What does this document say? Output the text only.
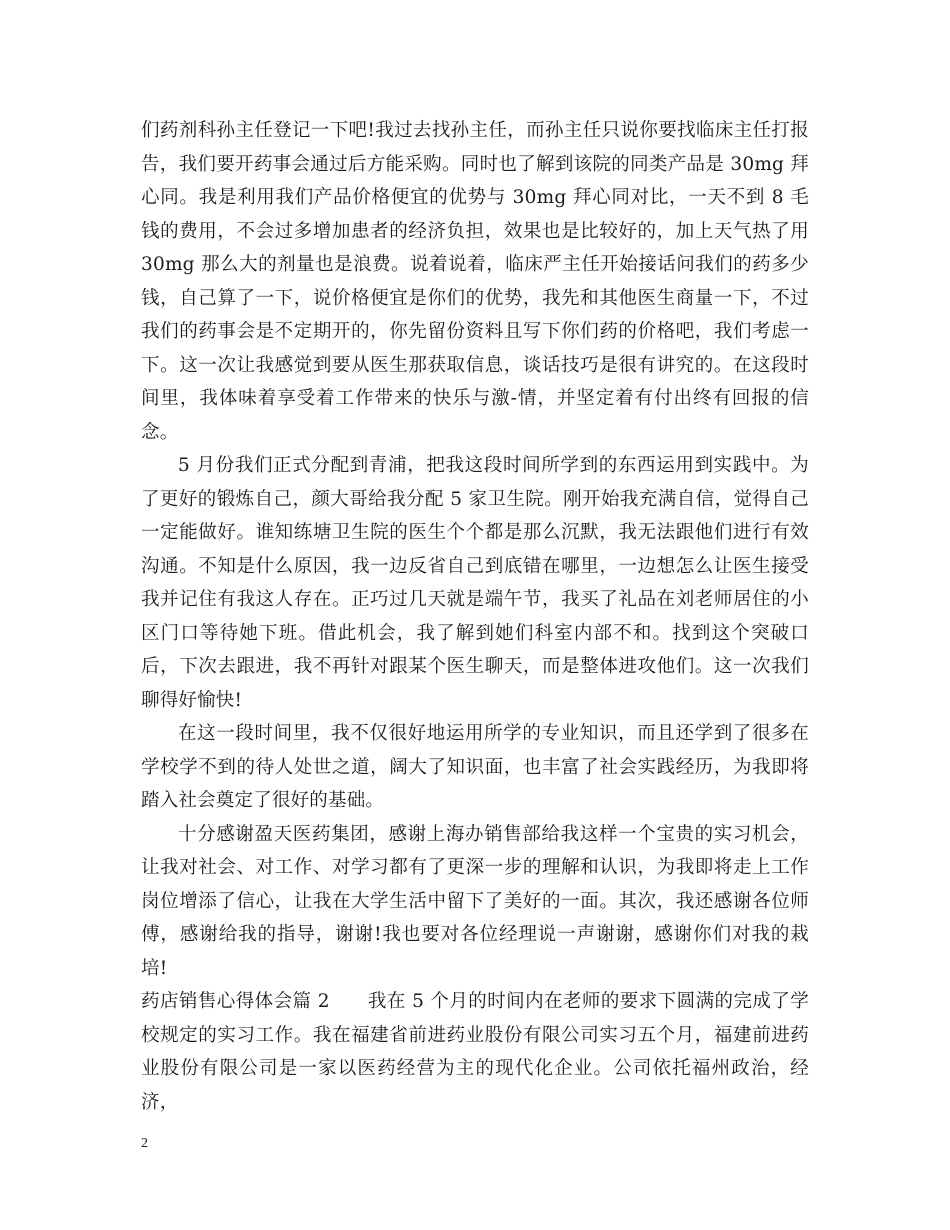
们药剂科孙主任登记一下吧!我过去找孙主任，而孙主任只说你要找临床主任打报告，我们要开药事会通过后方能采购。同时也了解到该院的同类产品是 30mg 拜心同。我是利用我们产品价格便宜的优势与 30mg 拜心同对比，一天不到 8 毛钱的费用，不会过多增加患者的经济负担，效果也是比较好的，加上天气热了用 30mg 那么大的剂量也是浪费。说着说着，临床严主任开始接话问我们的药多少钱，自己算了一下，说价格便宜是你们的优势，我先和其他医生商量一下，不过我们的药事会是不定期开的，你先留份资料且写下你们药的价格吧，我们考虑一下。这一次让我感觉到要从医生那获取信息，谈话技巧是很有讲究的。在这段时间里，我体味着享受着工作带来的快乐与激-情，并坚定着有付出终有回报的信念。

5 月份我们正式分配到青浦，把我这段时间所学到的东西运用到实践中。为了更好的锻炼自己，颜大哥给我分配 5 家卫生院。刚开始我充满自信，觉得自己一定能做好。谁知练塘卫生院的医生个个都是那么沉默，我无法跟他们进行有效沟通。不知是什么原因，我一边反省自己到底错在哪里，一边想怎么让医生接受我并记住有我这人存在。正巧过几天就是端午节，我买了礼品在刘老师居住的小区门口等待她下班。借此机会，我了解到她们科室内部不和。找到这个突破口后，下次去跟进，我不再针对跟某个医生聊天，而是整体进攻他们。这一次我们聊得好愉快!

在这一段时间里，我不仅很好地运用所学的专业知识，而且还学到了很多在学校学不到的待人处世之道，阔大了知识面，也丰富了社会实践经历，为我即将踏入社会奠定了很好的基础。

十分感谢盈天医药集团，感谢上海办销售部给我这样一个宝贵的实习机会，让我对社会、对工作、对学习都有了更深一步的理解和认识，为我即将走上工作岗位增添了信心，让我在大学生活中留下了美好的一面。其次，我还感谢各位师傅，感谢给我的指导，谢谢!我也要对各位经理说一声谢谢，感谢你们对我的栽培!

药店销售心得体会篇 2　　我在 5 个月的时间内在老师的要求下圆满的完成了学校规定的实习工作。我在福建省前进药业股份有限公司实习五个月，福建前进药业股份有限公司是一家以医药经营为主的现代化企业。公司依托福州政治，经济，

2
